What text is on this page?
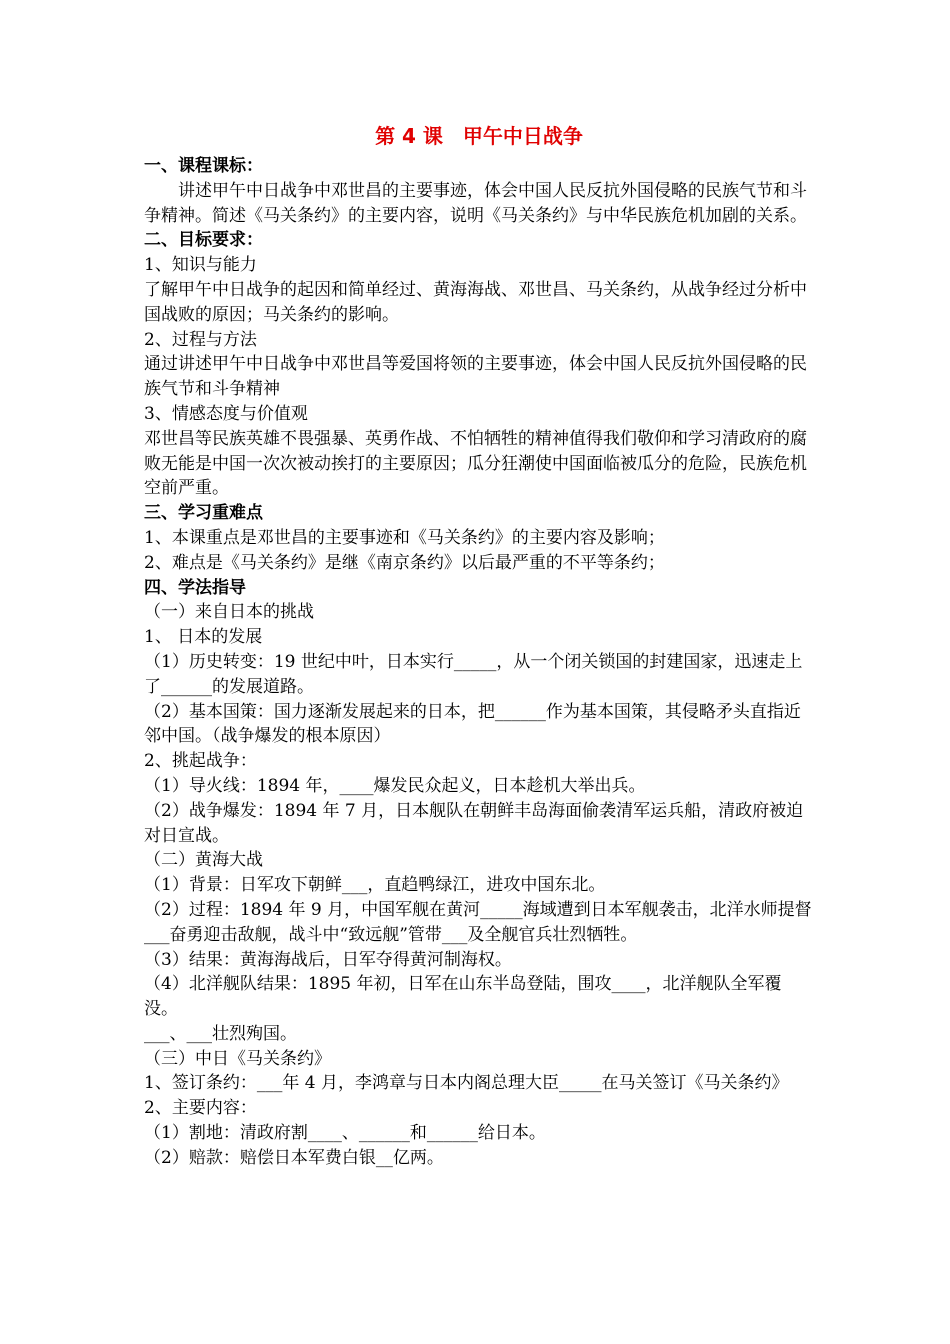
第 4 课　甲午中日战争

一、课程课标：

讲述甲午中日战争中邓世昌的主要事迹，体会中国人民反抗外国侵略的民族气节和斗争精神。简述《马关条约》的主要内容，说明《马关条约》与中华民族危机加剧的关系。

二、目标要求：

1、知识与能力

了解甲午中日战争的起因和简单经过、黄海海战、邓世昌、马关条约，从战争经过分析中国战败的原因；马关条约的影响。

2、过程与方法

通过讲述甲午中日战争中邓世昌等爱国将领的主要事迹，体会中国人民反抗外国侵略的民族气节和斗争精神

3、情感态度与价值观

邓世昌等民族英雄不畏强暴、英勇作战、不怕牺牲的精神值得我们敬仰和学习清政府的腐败无能是中国一次次被动挨打的主要原因；瓜分狂潮使中国面临被瓜分的危险，民族危机空前严重。

三、学习重难点

1、本课重点是邓世昌的主要事迹和《马关条约》的主要内容及影响；

2、难点是《马关条约》是继《南京条约》以后最严重的不平等条约；

四、学法指导

（一）来自日本的挑战

1、 日本的发展

（1）历史转变：19 世纪中叶，日本实行_____，从一个闭关锁国的封建国家，迅速走上了______的发展道路。

（2）基本国策：国力逐渐发展起来的日本，把______作为基本国策，其侵略矛头直指近邻中国。（战争爆发的根本原因）

2、挑起战争：

（1）导火线：1894 年，____爆发民众起义，日本趁机大举出兵。

（2）战争爆发：1894 年 7 月，日本舰队在朝鲜丰岛海面偷袭清军运兵船，清政府被迫对日宣战。

（二）黄海大战

（1）背景：日军攻下朝鲜___，直趋鸭绿江，进攻中国东北。

（2）过程：1894 年 9 月，中国军舰在黄河_____海域遭到日本军舰袭击，北洋水师提督___奋勇迎击敌舰，战斗中“致远舰”管带___及全舰官兵壮烈牺牲。

（3）结果：黄海海战后，日军夺得黄河制海权。

（4）北洋舰队结果：1895 年初，日军在山东半岛登陆，围攻____，北洋舰队全军覆没。

___、___壮烈殉国。

（三）中日《马关条约》

1、签订条约：___年 4 月，李鸿章与日本内阁总理大臣_____在马关签订《马关条约》

2、主要内容：

（1）割地：清政府割____、______和______给日本。

（2）赔款：赔偿日本军费白银__亿两。
